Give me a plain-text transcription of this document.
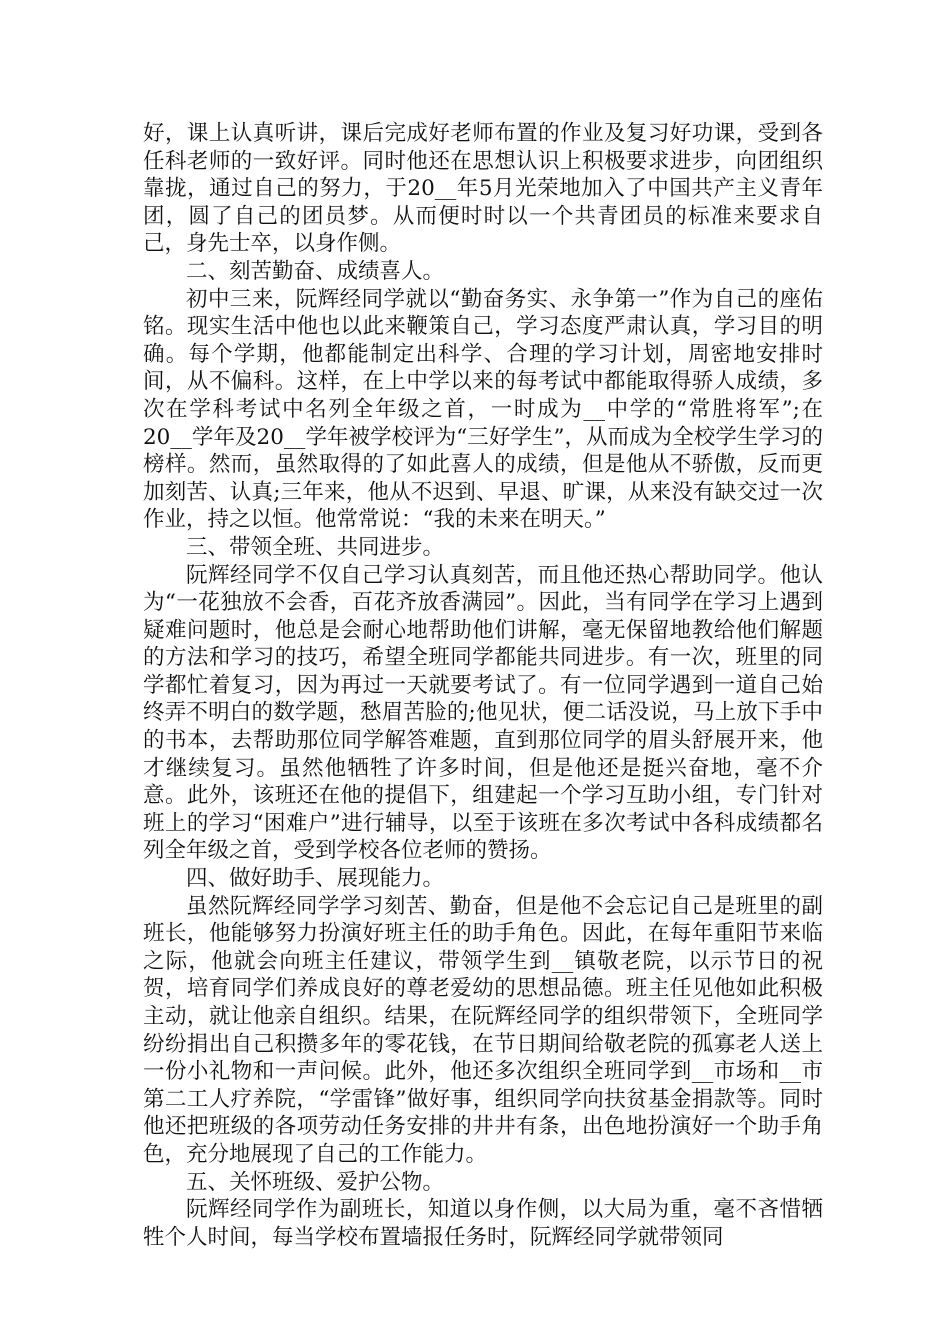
好，课上认真听讲，课后完成好老师布置的作业及复习好功课，受到各任科老师的一致好评。同时他还在思想认识上积极要求进步，向团组织靠拢，通过自己的努力，于20__年5月光荣地加入了中国共产主义青年团，圆了自己的团员梦。从而便时时以一个共青团员的标准来要求自己，身先士卒，以身作侧。

二、刻苦勤奋、成绩喜人。

初中三来，阮辉经同学就以“勤奋务实、永争第一”作为自己的座佑铭。现实生活中他也以此来鞭策自己，学习态度严肃认真，学习目的明确。每个学期，他都能制定出科学、合理的学习计划，周密地安排时间，从不偏科。这样，在上中学以来的每考试中都能取得骄人成绩，多次在学科考试中名列全年级之首，一时成为__中学的“常胜将军”;在20__学年及20__学年被学校评为“三好学生”，从而成为全校学生学习的榜样。然而，虽然取得的了如此喜人的成绩，但是他从不骄傲，反而更加刻苦、认真;三年来，他从不迟到、早退、旷课，从来没有缺交过一次作业，持之以恒。他常常说：“我的未来在明天。”

三、带领全班、共同进步。

阮辉经同学不仅自己学习认真刻苦，而且他还热心帮助同学。他认为“一花独放不会香，百花齐放香满园”。因此，当有同学在学习上遇到疑难问题时，他总是会耐心地帮助他们讲解，毫无保留地教给他们解题的方法和学习的技巧，希望全班同学都能共同进步。有一次，班里的同学都忙着复习，因为再过一天就要考试了。有一位同学遇到一道自己始终弄不明白的数学题，愁眉苦脸的;他见状，便二话没说，马上放下手中的书本，去帮助那位同学解答难题，直到那位同学的眉头舒展开来，他才继续复习。虽然他牺牲了许多时间，但是他还是挺兴奋地，毫不介意。此外，该班还在他的提倡下，组建起一个学习互助小组，专门针对班上的学习“困难户”进行辅导，以至于该班在多次考试中各科成绩都名列全年级之首，受到学校各位老师的赞扬。

四、做好助手、展现能力。

虽然阮辉经同学学习刻苦、勤奋，但是他不会忘记自己是班里的副班长，他能够努力扮演好班主任的助手角色。因此，在每年重阳节来临之际，他就会向班主任建议，带领学生到__镇敬老院，以示节日的祝贺，培育同学们养成良好的尊老爱幼的思想品德。班主任见他如此积极主动，就让他亲自组织。结果，在阮辉经同学的组织带领下，全班同学纷纷捐出自己积攒多年的零花钱，在节日期间给敬老院的孤寡老人送上一份小礼物和一声问候。此外，他还多次组织全班同学到__市场和__市第二工人疗养院，“学雷锋”做好事，组织同学向扶贫基金捐款等。同时他还把班级的各项劳动任务安排的井井有条，出色地扮演好一个助手角色，充分地展现了自己的工作能力。

五、关怀班级、爱护公物。

阮辉经同学作为副班长，知道以身作侧，以大局为重，毫不吝惜牺牲个人时间，每当学校布置墙报任务时，阮辉经同学就带领同
